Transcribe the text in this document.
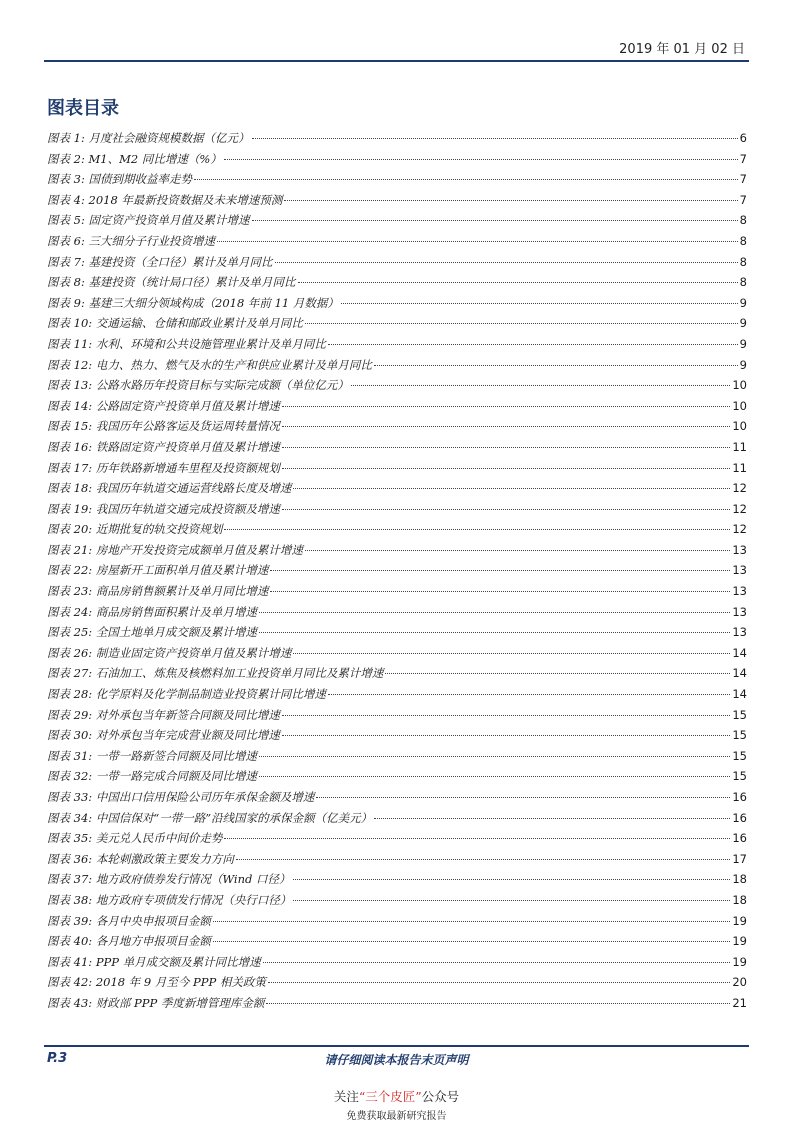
2019 年 01 月 02 日
图表目录
图表 1: 月度社会融资规模数据（亿元）	6
图表 2: M1、M2 同比增速（%）	7
图表 3: 国债到期收益率走势	7
图表 4: 2018 年最新投资数据及未来增速预测	7
图表 5: 固定资产投资单月值及累计增速	8
图表 6: 三大细分子行业投资增速	8
图表 7: 基建投资（全口径）累计及单月同比	8
图表 8: 基建投资（统计局口径）累计及单月同比	8
图表 9: 基建三大细分领域构成（2018 年前 11 月数据）	9
图表 10: 交通运输、仓储和邮政业累计及单月同比	9
图表 11: 水利、环境和公共设施管理业累计及单月同比	9
图表 12: 电力、热力、燃气及水的生产和供应业累计及单月同比	9
图表 13: 公路水路历年投资目标与实际完成额（单位亿元）	10
图表 14: 公路固定资产投资单月值及累计增速	10
图表 15: 我国历年公路客运及货运周转量情况	10
图表 16: 铁路固定资产投资单月值及累计增速	11
图表 17: 历年铁路新增通车里程及投资额规划	11
图表 18: 我国历年轨道交通运营线路长度及增速	12
图表 19: 我国历年轨道交通完成投资额及增速	12
图表 20: 近期批复的轨交投资规划	12
图表 21: 房地产开发投资完成额单月值及累计增速	13
图表 22: 房屋新开工面积单月值及累计增速	13
图表 23: 商品房销售额累计及单月同比增速	13
图表 24: 商品房销售面积累计及单月增速	13
图表 25: 全国土地单月成交额及累计增速	13
图表 26: 制造业固定资产投资单月值及累计增速	14
图表 27: 石油加工、炼焦及核燃料加工业投资单月同比及累计增速	14
图表 28: 化学原料及化学制品制造业投资累计同比增速	14
图表 29: 对外承包当年新签合同额及同比增速	15
图表 30: 对外承包当年完成营业额及同比增速	15
图表 31: 一带一路新签合同额及同比增速	15
图表 32: 一带一路完成合同额及同比增速	15
图表 33: 中国出口信用保险公司历年承保金额及增速	16
图表 34: 中国信保对“一带一路”沿线国家的承保金额（亿美元）	16
图表 35: 美元兑人民币中间价走势	16
图表 36: 本轮刺激政策主要发力方向	17
图表 37: 地方政府债券发行情况（Wind 口径）	18
图表 38: 地方政府专项债发行情况（央行口径）	18
图表 39: 各月中央申报项目金额	19
图表 40: 各月地方申报项目金额	19
图表 41: PPP 单月成交额及累计同比增速	19
图表 42: 2018 年 9 月至今 PPP 相关政策	20
图表 43: 财政部 PPP 季度新增管理库金额	21
P.3	请仔细阅读本报告末页声明
关注“三个皮匠”公众号
免费获取最新研究报告
